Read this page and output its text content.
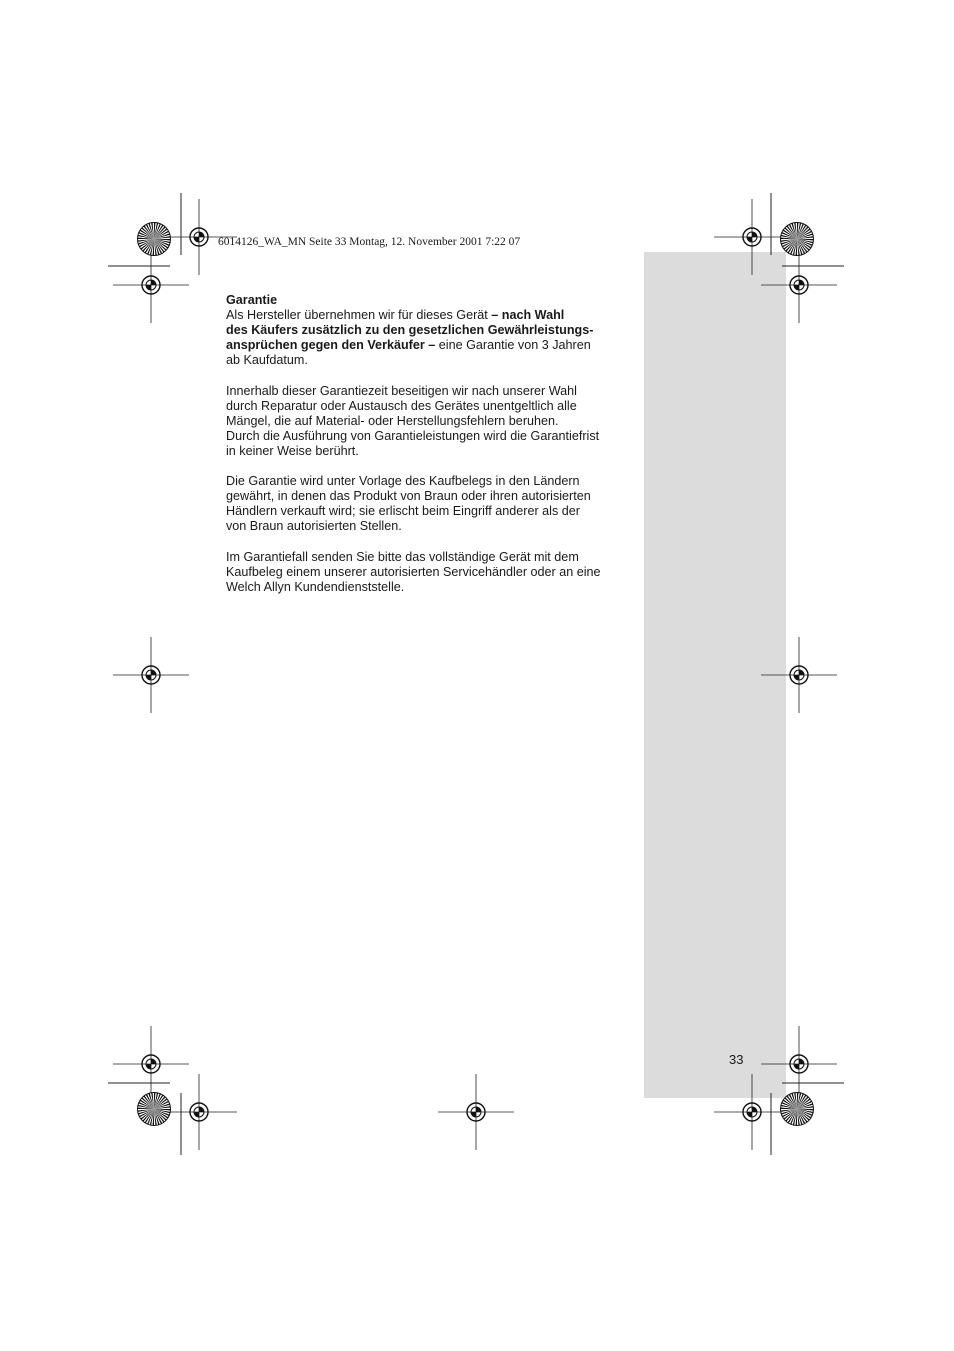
6014126_WA_MN Seite 33 Montag, 12. November 2001 7:22 07
Garantie

Als Hersteller übernehmen wir für dieses Gerät – nach Wahl
des Käufers zusätzlich zu den gesetzlichen Gewährleistungs-
ansprüchen gegen den Verkäufer – eine Garantie von 3 Jahren
ab Kaufdatum.

Innerhalb dieser Garantiezeit beseitigen wir nach unserer Wahl
durch Reparatur oder Austausch des Gerätes unentgeltlich alle
Mängel, die auf Material- oder Herstellungsfehlern beruhen.
Durch die Ausführung von Garantieleistungen wird die Garantiefrist
in keiner Weise berührt.

Die Garantie wird unter Vorlage des Kaufbelegs in den Ländern
gewährt, in denen das Produkt von Braun oder ihren autorisierten
Händlern verkauft wird; sie erlischt beim Eingriff anderer als der
von Braun autorisierten Stellen.

Im Garantiefall senden Sie bitte das vollständige Gerät mit dem
Kaufbeleg einem unserer autorisierten Servicehändler oder an eine
Welch Allyn Kundendienststelle.

33
